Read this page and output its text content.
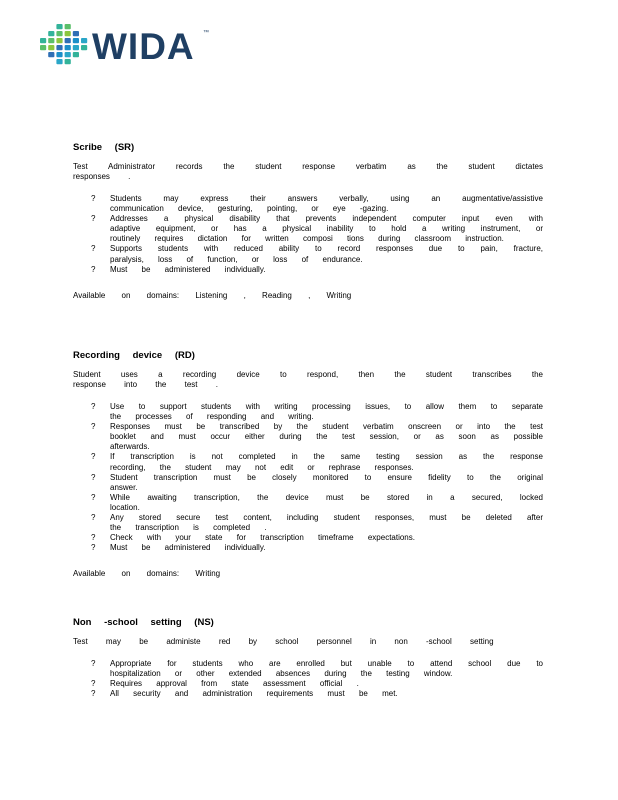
WIDA ™

Scribe (SR)

Test Administrator records the student response verbatim as the student dictates responses .

? Students may express their answers verbally, using an augmentative/assistive communication device, gesturing, pointing, or eye -gazing.
? Addresses a physical disability that prevents independent computer input even with adaptive equipment, or has a physical inability to hold a writing instrument, or routinely requires dictation for written composi tions during classroom instruction.
? Supports students with reduced ability to record responses due to pain, fracture, paralysis, loss of function, or loss of endurance.
? Must be administered individually.
Available on domains: Listening , Reading , Writing

Recording device (RD)

Student uses a recording device to respond, then the student transcribes the response into the test .

? Use to support students with writing processing issues, to allow them to separate the processes of responding and writing.
? Responses must be transcribed by the student verbatim onscreen or into the test booklet and must occur either during the test session, or as soon as possible afterwards.
? If transcription is not completed in the same testing session as the response recording, the student may not edit or rephrase responses.
? Student transcription must be closely monitored to ensure fidelity to the original answer.
? While awaiting transcription, the device must be stored in a secured, locked location.
? Any stored secure test content, including student responses, must be deleted after the transcription is completed .
? Check with your state for transcription timeframe expectations.
? Must be administered individually.
Available on domains: Writing

Non -school setting (NS)

Test may be administe red by school personnel in non -school setting

? Appropriate for students who are enrolled but unable to attend school due to hospitalization or other extended absences during the testing window.
? Requires approval from state assessment official .
? All security and administration requirements must be met.
